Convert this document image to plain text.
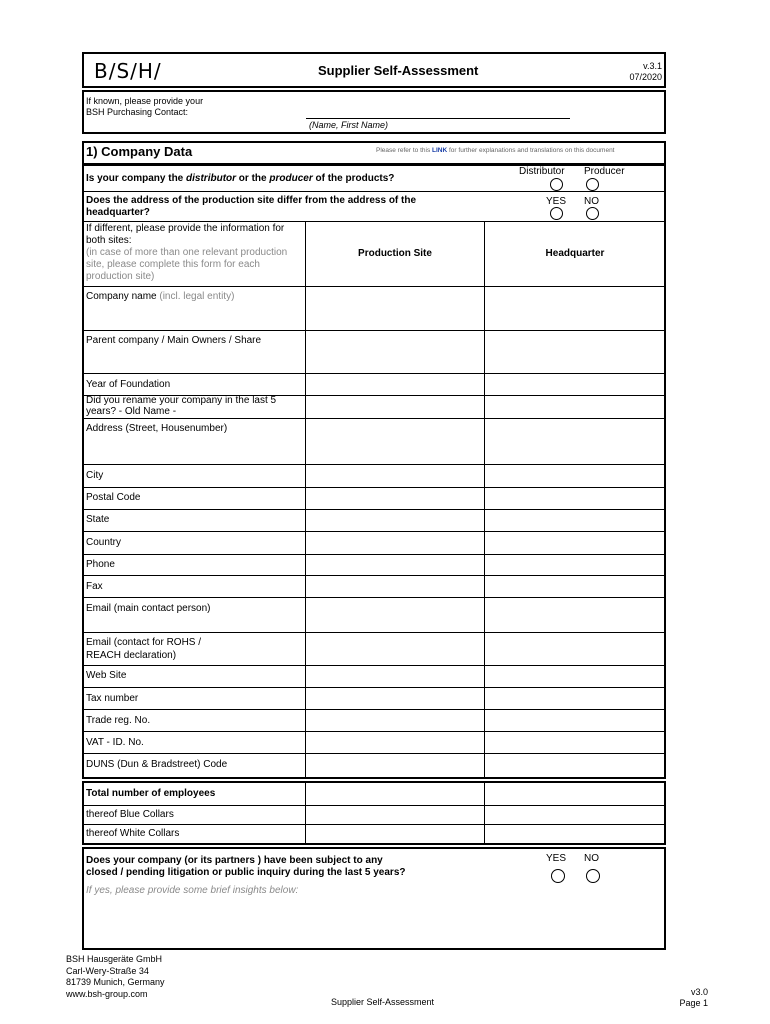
B/S/H/	Supplier Self-Assessment	v.3.1
07/2020
If known, please provide your
BSH Purchasing Contact:
(Name, First Name)
1) Company Data	Please refer to this LINK for further explanations and translations on this document
Is your company the distributor or the producer of the products?
Distributor Producer
Does the address of the production site differ from the address of the
headquarter?
YES NO
If different, please provide the information for
both sites:
(in case of more than one relevant production
site, please complete this form for each
production site)
Production Site	Headquarter
Company name (incl. legal entity)
Parent company / Main Owners / Share
Year of Foundation
Did you rename your company in the last 5
years? - Old Name -
Address (Street, Housenumber)
City
Postal Code
State
Country
Phone
Fax
Email (main contact person)
Email (contact for ROHS /
REACH declaration)
Web Site
Tax number
Trade reg. No.
VAT - ID. No.
DUNS (Dun & Bradstreet) Code
Total number of employees
thereof Blue Collars
thereof White Collars
Does your company (or its partners ) have been subject to any
closed / pending litigation or public inquiry during the last 5 years?
YES NO
If yes, please provide some brief insights below:
BSH Hausgeräte GmbH
Carl-Wery-Straße 34
81739 Munich, Germany
www.bsh-group.com
Supplier Self-Assessment
v3.0
Page 1
